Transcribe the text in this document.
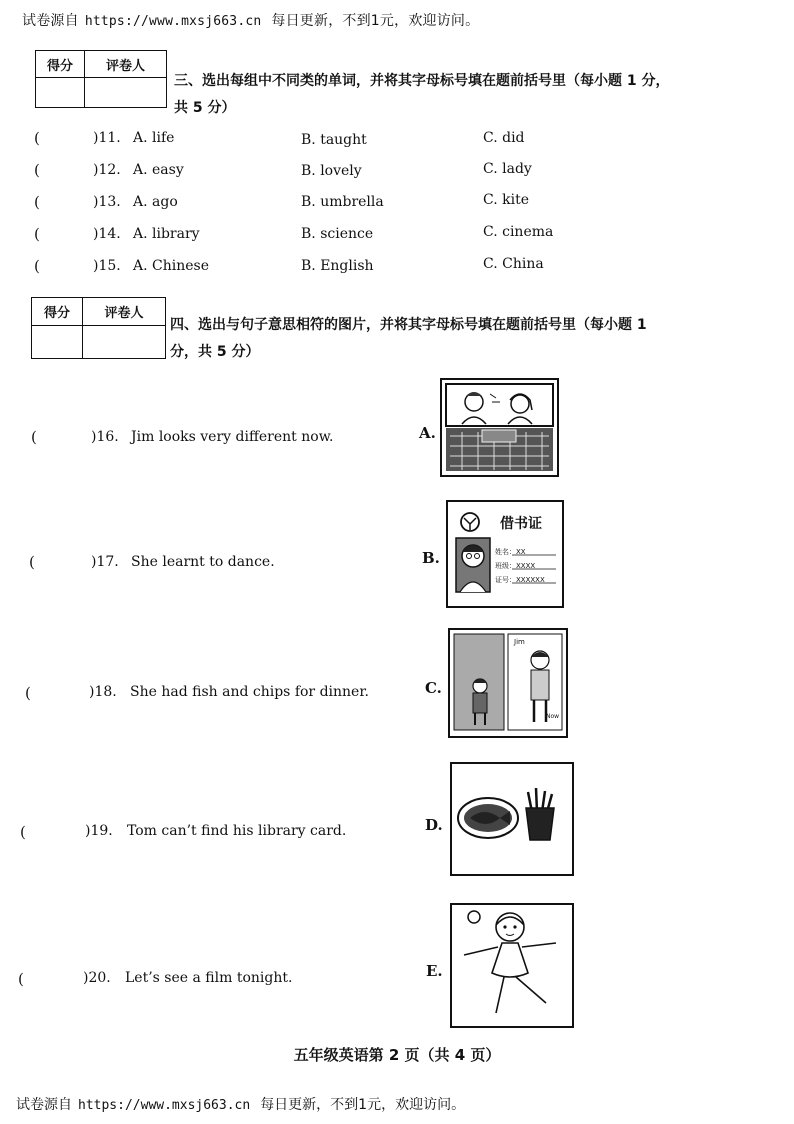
试卷源自 https://www.mxsj663.cn 每日更新，不到1元，欢迎访问。
得分	评卷人

三、选出每组中不同类的单词，并将其字母标号填在题前括号里（每小题 1 分，
共 5 分）
(	)11. A. life	B. taught	C. did
(	)12. A. easy	B. lovely	C. lady
(	)13. A. ago	B. umbrella	C. kite
(	)14. A. library	B. science	C. cinema
(	)15. A. Chinese	B. English	C. China
得分	评卷人

四、选出与句子意思相符的图片，并将其字母标号填在题前括号里（每小题 1
分，共 5 分）
(	)16. Jim looks very different now.
(	)17. She learnt to dance.
(	)18. She had fish and chips for dinner.
(	)19. Tom can’t find his library card.
(	)20. Let’s see a film tonight.
A.
B.
C.
D.
E.
借书证
姓名：XX
班级：XXXX
证号：XXXXXX
Jim
Now
五年级英语第 2 页（共 4 页）
试卷源自 https://www.mxsj663.cn 每日更新，不到1元，欢迎访问。
